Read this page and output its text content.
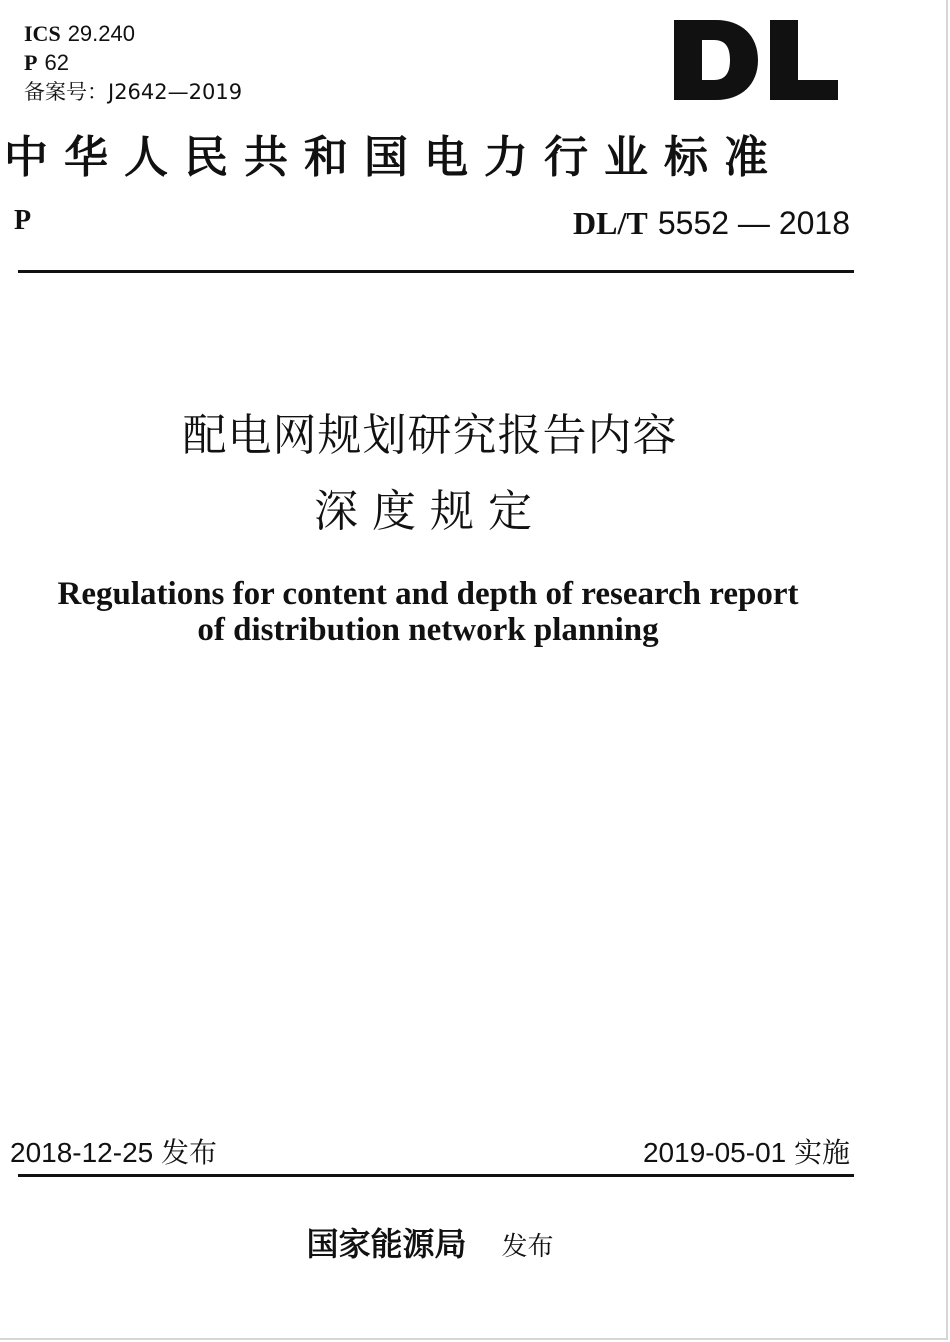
ICS 29.240
P 62
备案号：J2642—2019
中华人民共和国电力行业标准
P	DL/T 5552 — 2018
配电网规划研究报告内容
深度规定
Regulations for content and depth of research report
of distribution network planning
2018-12-25 发布	2019-05-01 实施
国家能源局 发布
